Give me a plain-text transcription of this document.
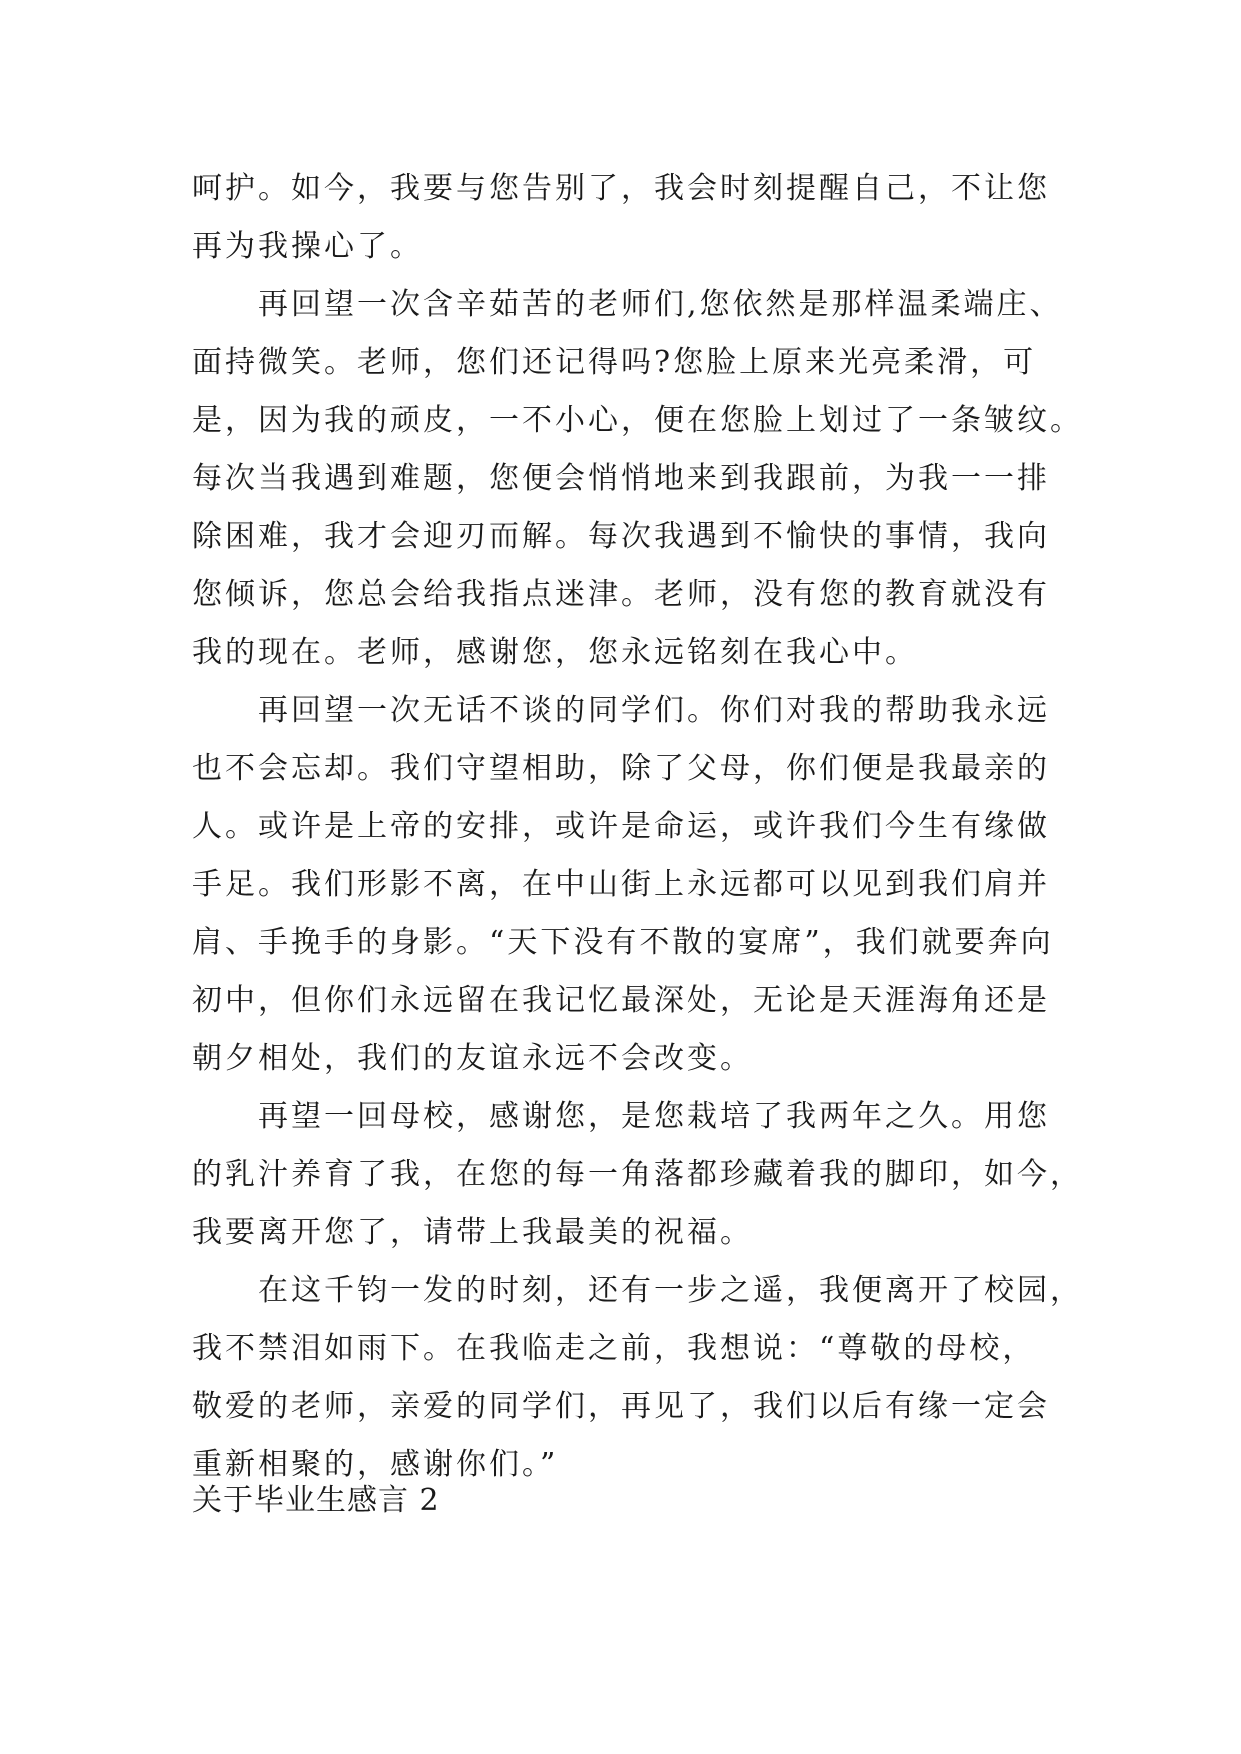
呵护。如今，我要与您告别了，我会时刻提醒自己，不让您
再为我操心了。
再回望一次含辛茹苦的老师们,您依然是那样温柔端庄、
面持微笑。老师，您们还记得吗?您脸上原来光亮柔滑，可
是，因为我的顽皮，一不小心，便在您脸上划过了一条皱纹。
每次当我遇到难题，您便会悄悄地来到我跟前，为我一一排
除困难，我才会迎刃而解。每次我遇到不愉快的事情，我向
您倾诉，您总会给我指点迷津。老师，没有您的教育就没有
我的现在。老师，感谢您，您永远铭刻在我心中。
再回望一次无话不谈的同学们。你们对我的帮助我永远
也不会忘却。我们守望相助，除了父母，你们便是我最亲的
人。或许是上帝的安排，或许是命运，或许我们今生有缘做
手足。我们形影不离，在中山街上永远都可以见到我们肩并
肩、手挽手的身影。“天下没有不散的宴席”，我们就要奔向
初中，但你们永远留在我记忆最深处，无论是天涯海角还是
朝夕相处，我们的友谊永远不会改变。
再望一回母校，感谢您，是您栽培了我两年之久。用您
的乳汁养育了我，在您的每一角落都珍藏着我的脚印，如今，
我要离开您了，请带上我最美的祝福。
在这千钧一发的时刻，还有一步之遥，我便离开了校园，
我不禁泪如雨下。在我临走之前，我想说：“尊敬的母校，
敬爱的老师，亲爱的同学们，再见了，我们以后有缘一定会
重新相聚的，感谢你们。”
关于毕业生感言 2
